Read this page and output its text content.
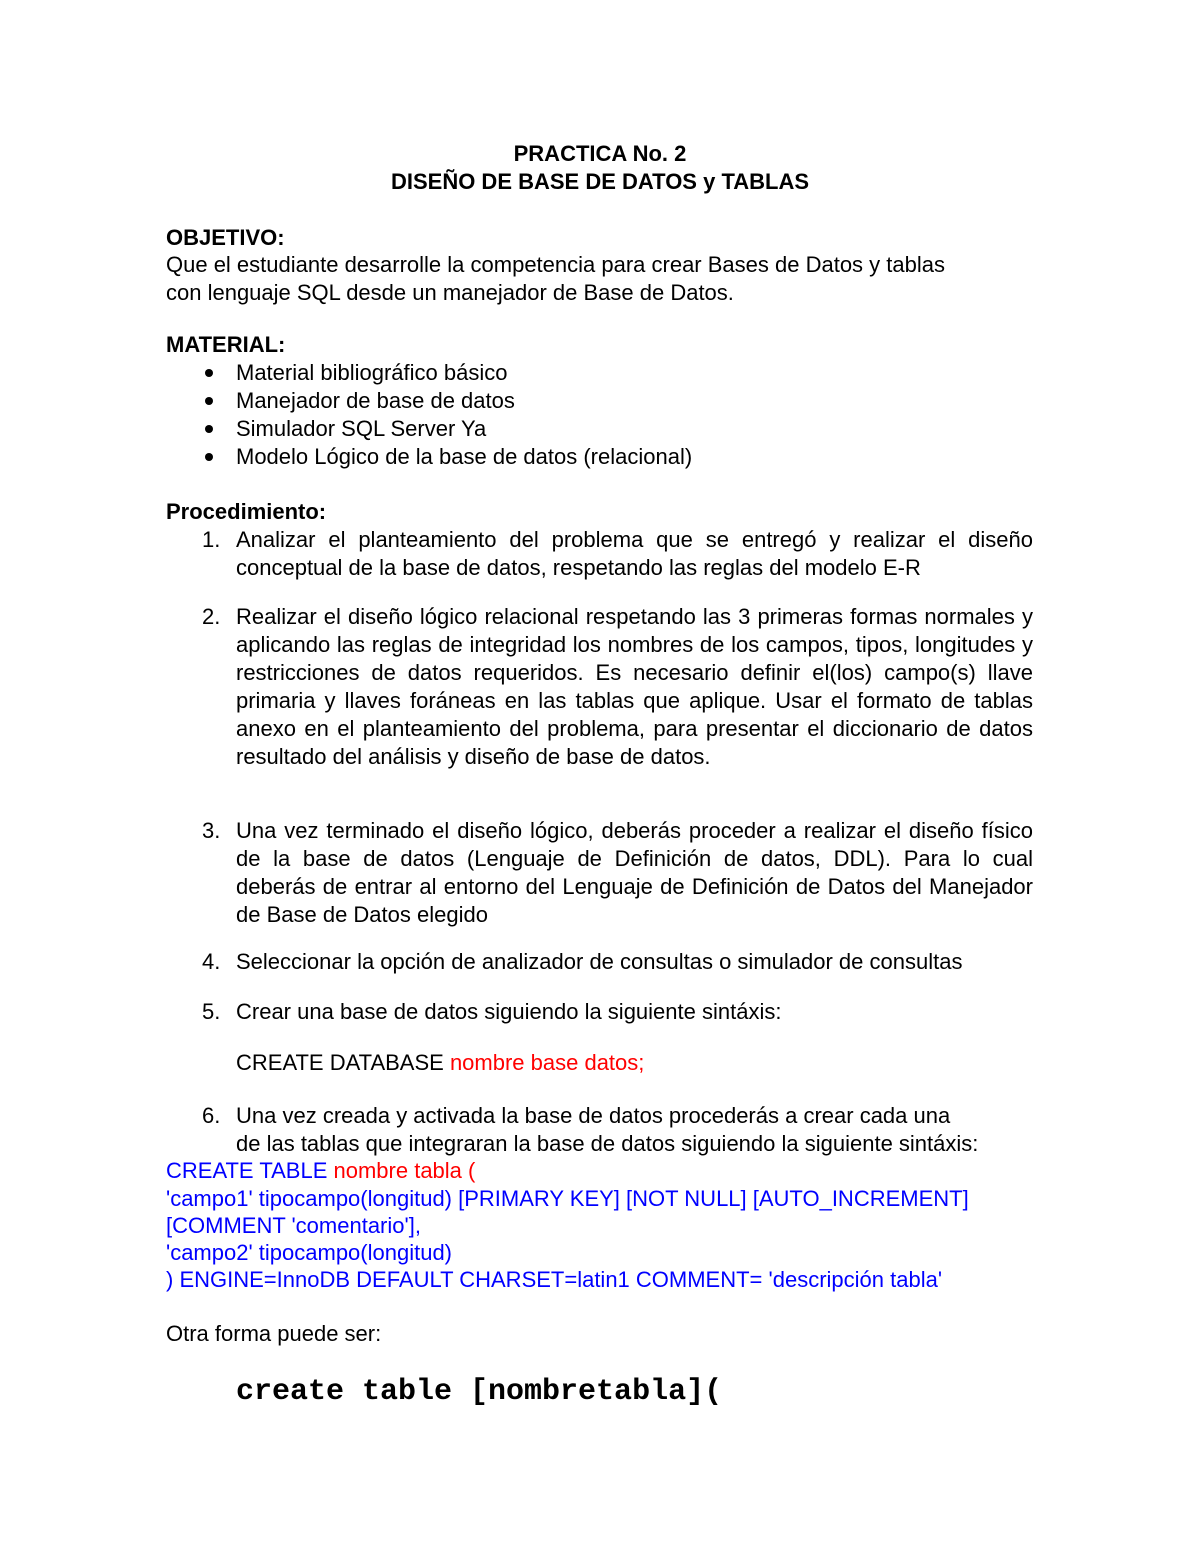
PRACTICA No. 2
DISEÑO DE BASE DE DATOS y TABLAS
OBJETIVO:
Que el estudiante desarrolle la competencia para crear Bases de Datos y tablas
con lenguaje SQL desde un manejador de Base de Datos.
MATERIAL:
Material bibliográfico básico
Manejador de base de datos
Simulador SQL Server Ya
Modelo Lógico de la base de datos (relacional)
Procedimiento:
1. Analizar el planteamiento del problema que se entregó y realizar el diseño conceptual de la base de datos, respetando las reglas del modelo E-R
2. Realizar el diseño lógico relacional respetando las 3 primeras formas normales y aplicando las reglas de integridad los nombres de los campos, tipos, longitudes y restricciones de datos requeridos. Es necesario definir el(los) campo(s) llave primaria y llaves foráneas en las tablas que aplique. Usar el formato de tablas anexo en el planteamiento del problema, para presentar el diccionario de datos resultado del análisis y diseño de base de datos.
3. Una vez terminado el diseño lógico, deberás proceder a realizar el diseño físico de la base de datos (Lenguaje de Definición de datos, DDL). Para lo cual deberás de entrar al entorno del Lenguaje de Definición de Datos del Manejador de Base de Datos elegido
4. Seleccionar la opción de analizador de consultas o simulador de consultas
5. Crear una base de datos siguiendo la siguiente sintáxis:
CREATE DATABASE nombre base datos;
6. Una vez creada y activada la base de datos procederás a crear cada una
de las tablas que integraran la base de datos siguiendo la siguiente sintáxis:
CREATE TABLE nombre tabla (
'campo1' tipocampo(longitud) [PRIMARY KEY] [NOT NULL] [AUTO_INCREMENT]
[COMMENT 'comentario'],
'campo2' tipocampo(longitud)
) ENGINE=InnoDB DEFAULT CHARSET=latin1 COMMENT= 'descripción tabla'
Otra forma puede ser:
create table [nombretabla](
